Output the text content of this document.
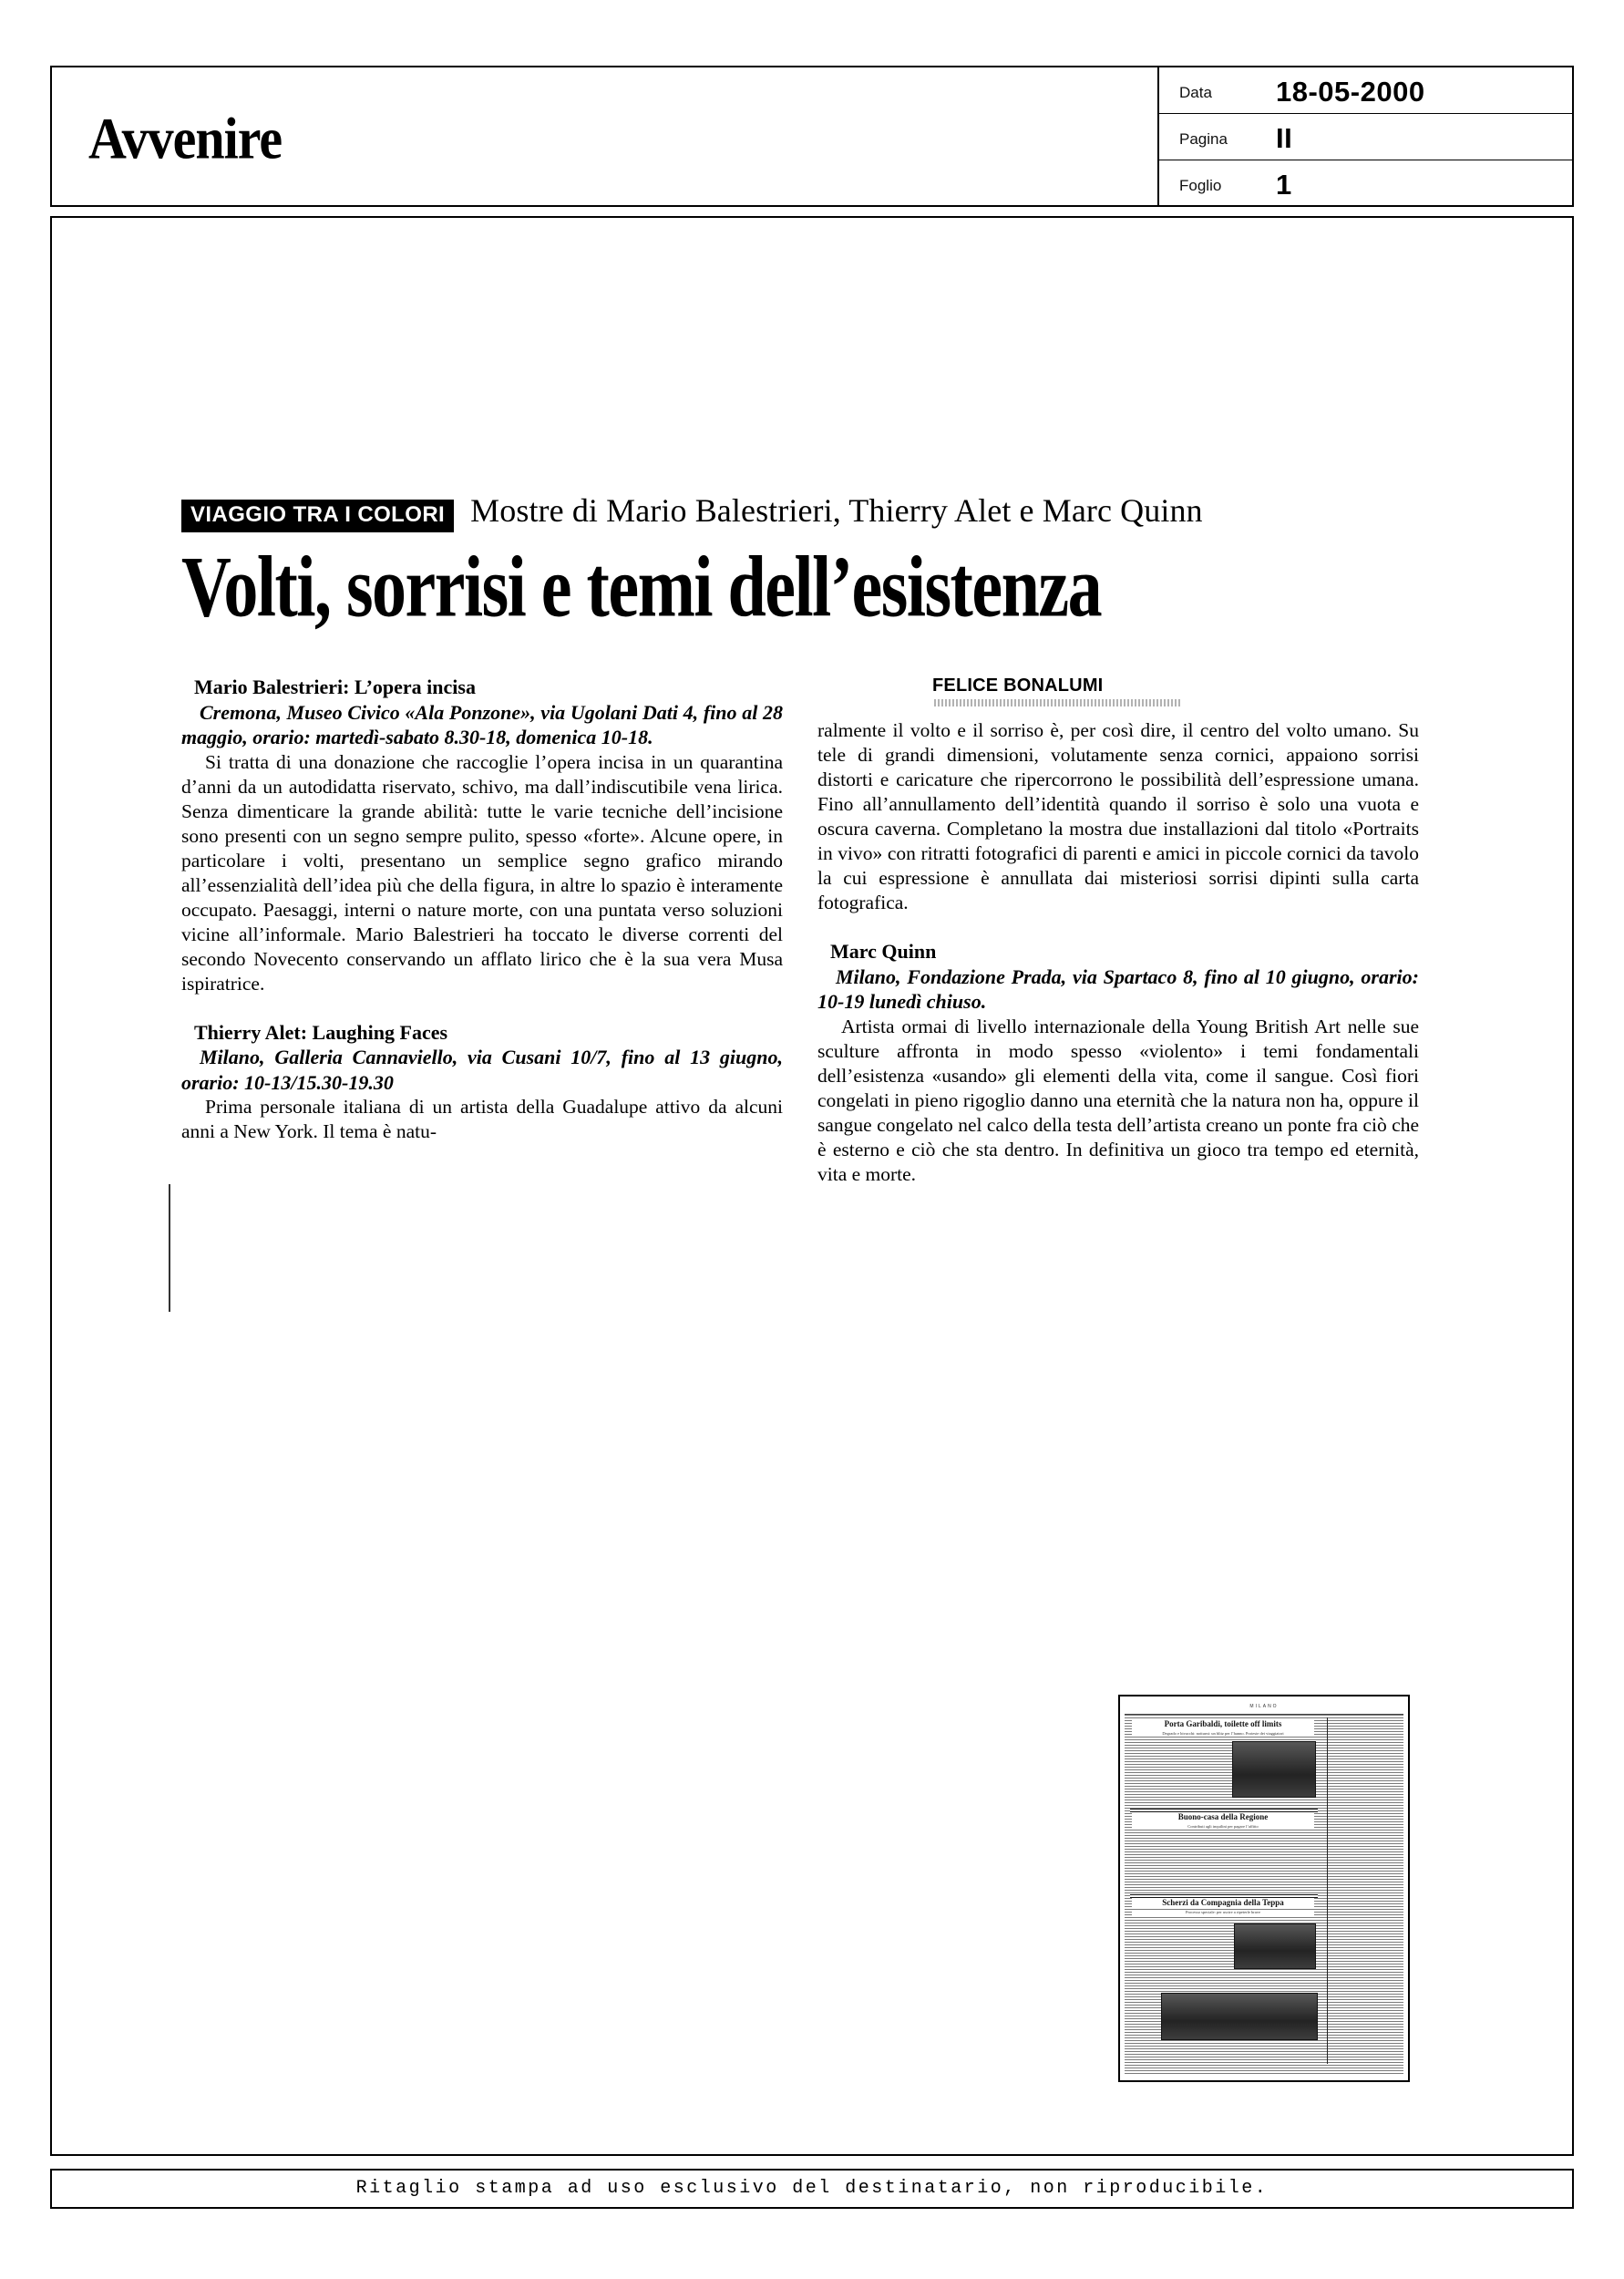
Avvenire
Data 18-05-2000
Pagina II
Foglio 1
VIAGGIO TRA I COLORI Mostre di Mario Balestrieri, Thierry Alet e Marc Quinn
Volti, sorrisi e temi dell’esistenza

Mario Balestrieri: L’opera incisa

Cremona, Museo Civico «Ala Ponzone», via Ugolani Dati 4, fino al 28 maggio, orario: martedì-sabato 8.30-18, domenica 10-18.

Si tratta di una donazione che raccoglie l’opera incisa in un quarantina d’anni da un autodidatta riservato, schivo, ma dall’indiscutibile vena lirica. Senza dimenticare la grande abilità: tutte le varie tecniche dell’incisione sono presenti con un segno sempre pulito, spesso «forte». Alcune opere, in particolare i volti, presentano un semplice segno grafico mirando all’essenzialità dell’idea più che della figura, in altre lo spazio è interamente occupato. Paesaggi, interni o nature morte, con una puntata verso soluzioni vicine all’informale. Mario Balestrieri ha toccato le diverse correnti del secondo Novecento conservando un afflato lirico che è la sua vera Musa ispiratrice.

Thierry Alet: Laughing Faces

Milano, Galleria Cannaviello, via Cusani 10/7, fino al 13 giugno, orario: 10-13/15.30-19.30

Prima personale italiana di un artista della Guadalupe attivo da alcuni anni a New York. Il tema è natu-

FELICE BONALUMI

ralmente il volto e il sorriso è, per così dire, il centro del volto umano. Su tele di grandi dimensioni, volutamente senza cornici, appaiono sorrisi distorti e caricature che ripercorrono le possibilità dell’espressione umana. Fino all’annullamento dell’identità quando il sorriso è solo una vuota e oscura caverna. Completano la mostra due installazioni dal titolo «Portraits in vivo» con ritratti fotografici di parenti e amici in piccole cornici da tavolo la cui espressione è annullata dai misteriosi sorrisi dipinti sulla carta fotografica.

Marc Quinn

Milano, Fondazione Prada, via Spartaco 8, fino al 10 giugno, orario: 10-19 lunedì chiuso.

Artista ormai di livello internazionale della Young British Art nelle sue sculture affronta in modo spesso «violento» i temi fondamentali dell’esistenza «usando» gli elementi della vita, come il sangue. Così fiori congelati in pieno rigoglio danno una eternità che la natura non ha, oppure il sangue congelato nel calco della testa dell’artista creano un ponte fra ciò che è esterno e ciò che sta dentro. In definitiva un gioco tra tempo ed eternità, vita e morte.

MILANO
Porta Garibaldi, toilette off limits
Degrado e bivacchi: notturni: un blitz per l’hanno. Proteste dei viaggiatori
Buono-casa della Regione
Contributi agli inquilini per pagare l’affitto
Scherzi da Compagnia della Teppa
Processo speciale: per uscire a ripeterle brave
Ritaglio stampa ad uso esclusivo del destinatario, non riproducibile.
